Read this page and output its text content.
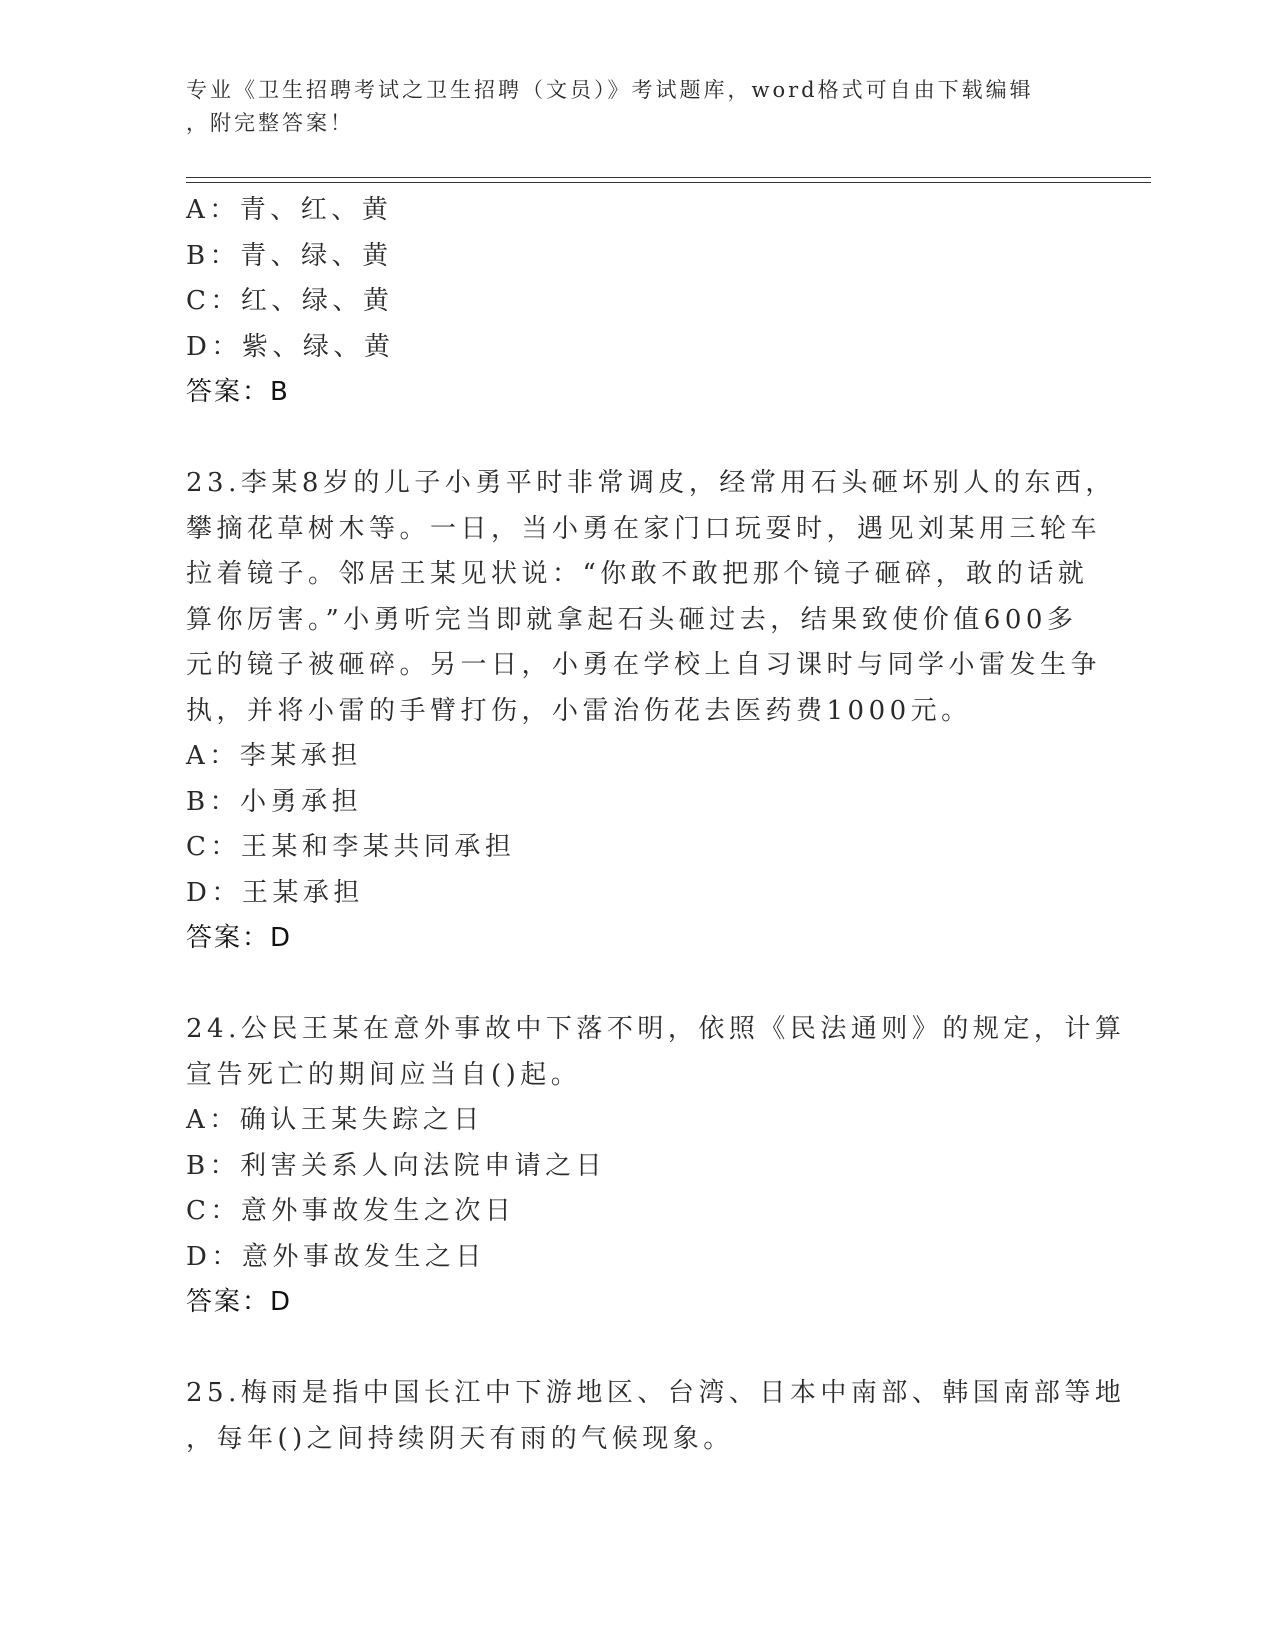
专业《卫生招聘考试之卫生招聘（文员）》考试题库，word格式可自由下载编辑
，附完整答案！
A：青、红、黄
B：青、绿、黄
C：红、绿、黄
D：紫、绿、黄
答案：B
23.李某8岁的儿子小勇平时非常调皮，经常用石头砸坏别人的东西，
攀摘花草树木等。一日，当小勇在家门口玩耍时，遇见刘某用三轮车
拉着镜子。邻居王某见状说：“你敢不敢把那个镜子砸碎，敢的话就
算你厉害。”小勇听完当即就拿起石头砸过去，结果致使价值600多
元的镜子被砸碎。另一日，小勇在学校上自习课时与同学小雷发生争
执，并将小雷的手臂打伤，小雷治伤花去医药费1000元。
A：李某承担
B：小勇承担
C：王某和李某共同承担
D：王某承担
答案：D
24.公民王某在意外事故中下落不明，依照《民法通则》的规定，计算
宣告死亡的期间应当自()起。
A：确认王某失踪之日
B：利害关系人向法院申请之日
C：意外事故发生之次日
D：意外事故发生之日
答案：D
25.梅雨是指中国长江中下游地区、台湾、日本中南部、韩国南部等地
，每年()之间持续阴天有雨的气候现象。
